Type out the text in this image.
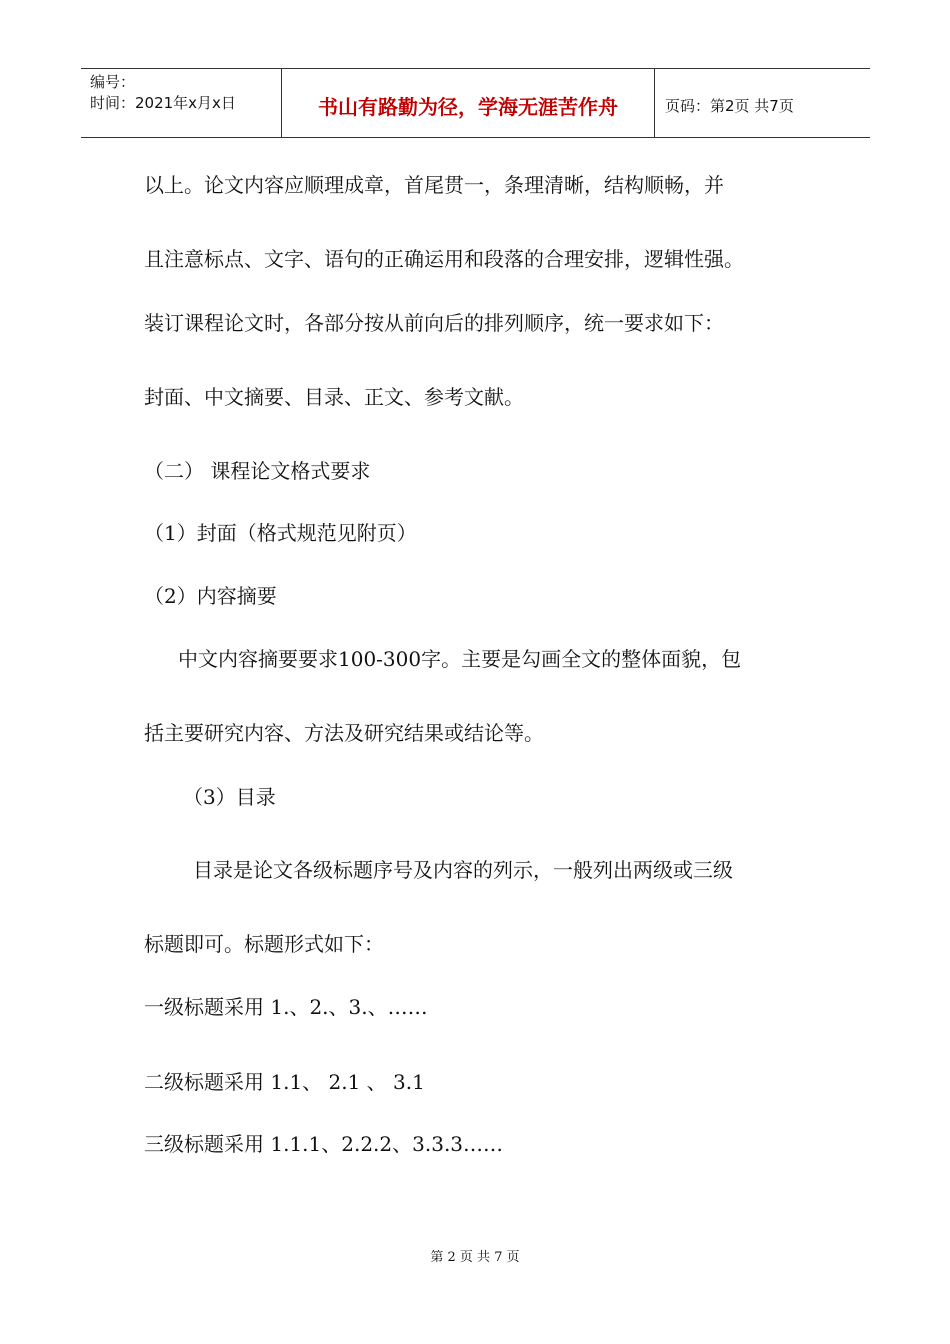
编号：
时间：2021年x月x日	书山有路勤为径，学海无涯苦作舟	页码：第2页 共7页
以上。论文内容应顺理成章，首尾贯一，条理清晰，结构顺畅，并
且注意标点、文字、语句的正确运用和段落的合理安排，逻辑性强。
装订课程论文时，各部分按从前向后的排列顺序，统一要求如下：
封面、中文摘要、目录、正文、参考文献。
（二） 课程论文格式要求
（1）封面（格式规范见附页）
（2）内容摘要
中文内容摘要要求100-300字。主要是勾画全文的整体面貌，包
括主要研究内容、方法及研究结果或结论等。
（3）目录
目录是论文各级标题序号及内容的列示，一般列出两级或三级
标题即可。标题形式如下：
一级标题采用 1.、2.、3.、……
二级标题采用 1.1、 2.1 、 3.1
三级标题采用 1.1.1、2.2.2、3.3.3……
第 2 页 共 7 页
